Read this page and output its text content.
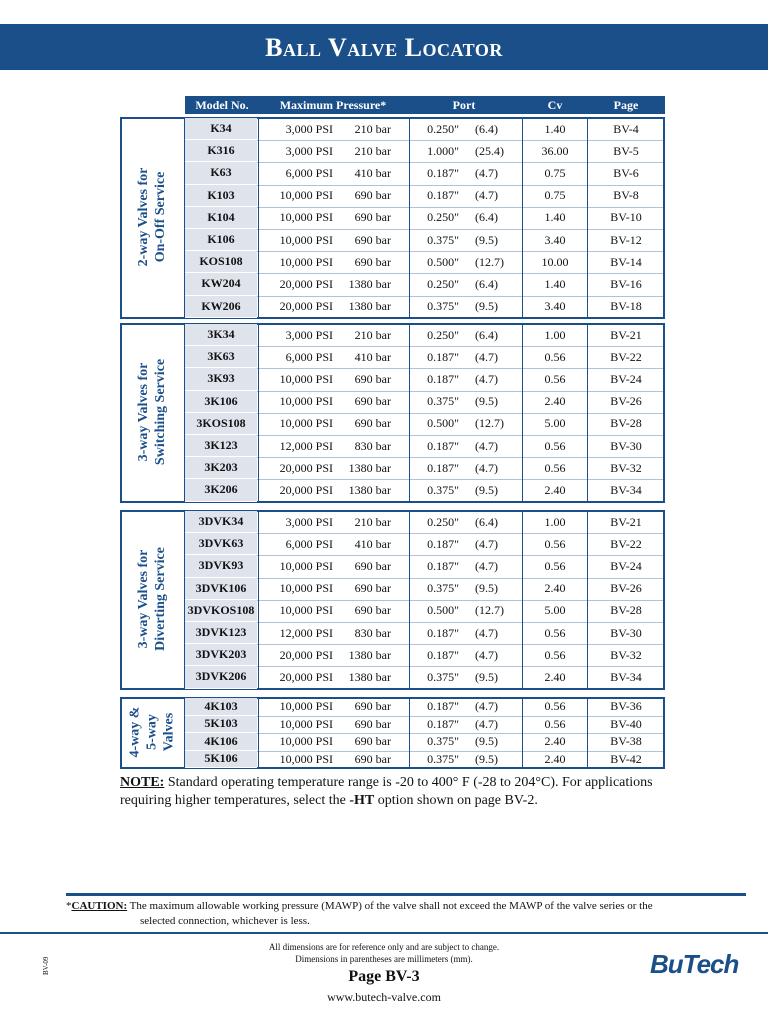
Ball Valve Locator
Model No.	Maximum Pressure*	Port	Cv	Page
2-way Valves for On-Off Service
K34	3,000 PSI	210 bar	0.250"	(6.4)	1.40	BV-4
K316	3,000 PSI	210 bar	1.000"	(25.4)	36.00	BV-5
K63	6,000 PSI	410 bar	0.187"	(4.7)	0.75	BV-6
K103	10,000 PSI	690 bar	0.187"	(4.7)	0.75	BV-8
K104	10,000 PSI	690 bar	0.250"	(6.4)	1.40	BV-10
K106	10,000 PSI	690 bar	0.375"	(9.5)	3.40	BV-12
KOS108	10,000 PSI	690 bar	0.500"	(12.7)	10.00	BV-14
KW204	20,000 PSI	1380 bar	0.250"	(6.4)	1.40	BV-16
KW206	20,000 PSI	1380 bar	0.375"	(9.5)	3.40	BV-18
3-way Valves for Switching Service
3K34	3,000 PSI	210 bar	0.250"	(6.4)	1.00	BV-21
3K63	6,000 PSI	410 bar	0.187"	(4.7)	0.56	BV-22
3K93	10,000 PSI	690 bar	0.187"	(4.7)	0.56	BV-24
3K106	10,000 PSI	690 bar	0.375"	(9.5)	2.40	BV-26
3KOS108	10,000 PSI	690 bar	0.500"	(12.7)	5.00	BV-28
3K123	12,000 PSI	830 bar	0.187"	(4.7)	0.56	BV-30
3K203	20,000 PSI	1380 bar	0.187"	(4.7)	0.56	BV-32
3K206	20,000 PSI	1380 bar	0.375"	(9.5)	2.40	BV-34
3-way Valves for Diverting Service
3DVK34	3,000 PSI	210 bar	0.250"	(6.4)	1.00	BV-21
3DVK63	6,000 PSI	410 bar	0.187"	(4.7)	0.56	BV-22
3DVK93	10,000 PSI	690 bar	0.187"	(4.7)	0.56	BV-24
3DVK106	10,000 PSI	690 bar	0.375"	(9.5)	2.40	BV-26
3DVKOS108	10,000 PSI	690 bar	0.500"	(12.7)	5.00	BV-28
3DVK123	12,000 PSI	830 bar	0.187"	(4.7)	0.56	BV-30
3DVK203	20,000 PSI	1380 bar	0.187"	(4.7)	0.56	BV-32
3DVK206	20,000 PSI	1380 bar	0.375"	(9.5)	2.40	BV-34
4-way & 5-way Valves
4K103	10,000 PSI	690 bar	0.187"	(4.7)	0.56	BV-36
5K103	10,000 PSI	690 bar	0.187"	(4.7)	0.56	BV-40
4K106	10,000 PSI	690 bar	0.375"	(9.5)	2.40	BV-38
5K106	10,000 PSI	690 bar	0.375"	(9.5)	2.40	BV-42
NOTE: Standard operating temperature range is -20 to 400° F (-28 to 204°C). For applications requiring higher temperatures, select the -HT option shown on page BV-2.
*CAUTION: The maximum allowable working pressure (MAWP) of the valve shall not exceed the MAWP of the valve series or the
selected connection, whichever is less.
All dimensions are for reference only and are subject to change.
Dimensions in parentheses are millimeters (mm).
Page BV-3
www.butech-valve.com
BV-09	BuTech
